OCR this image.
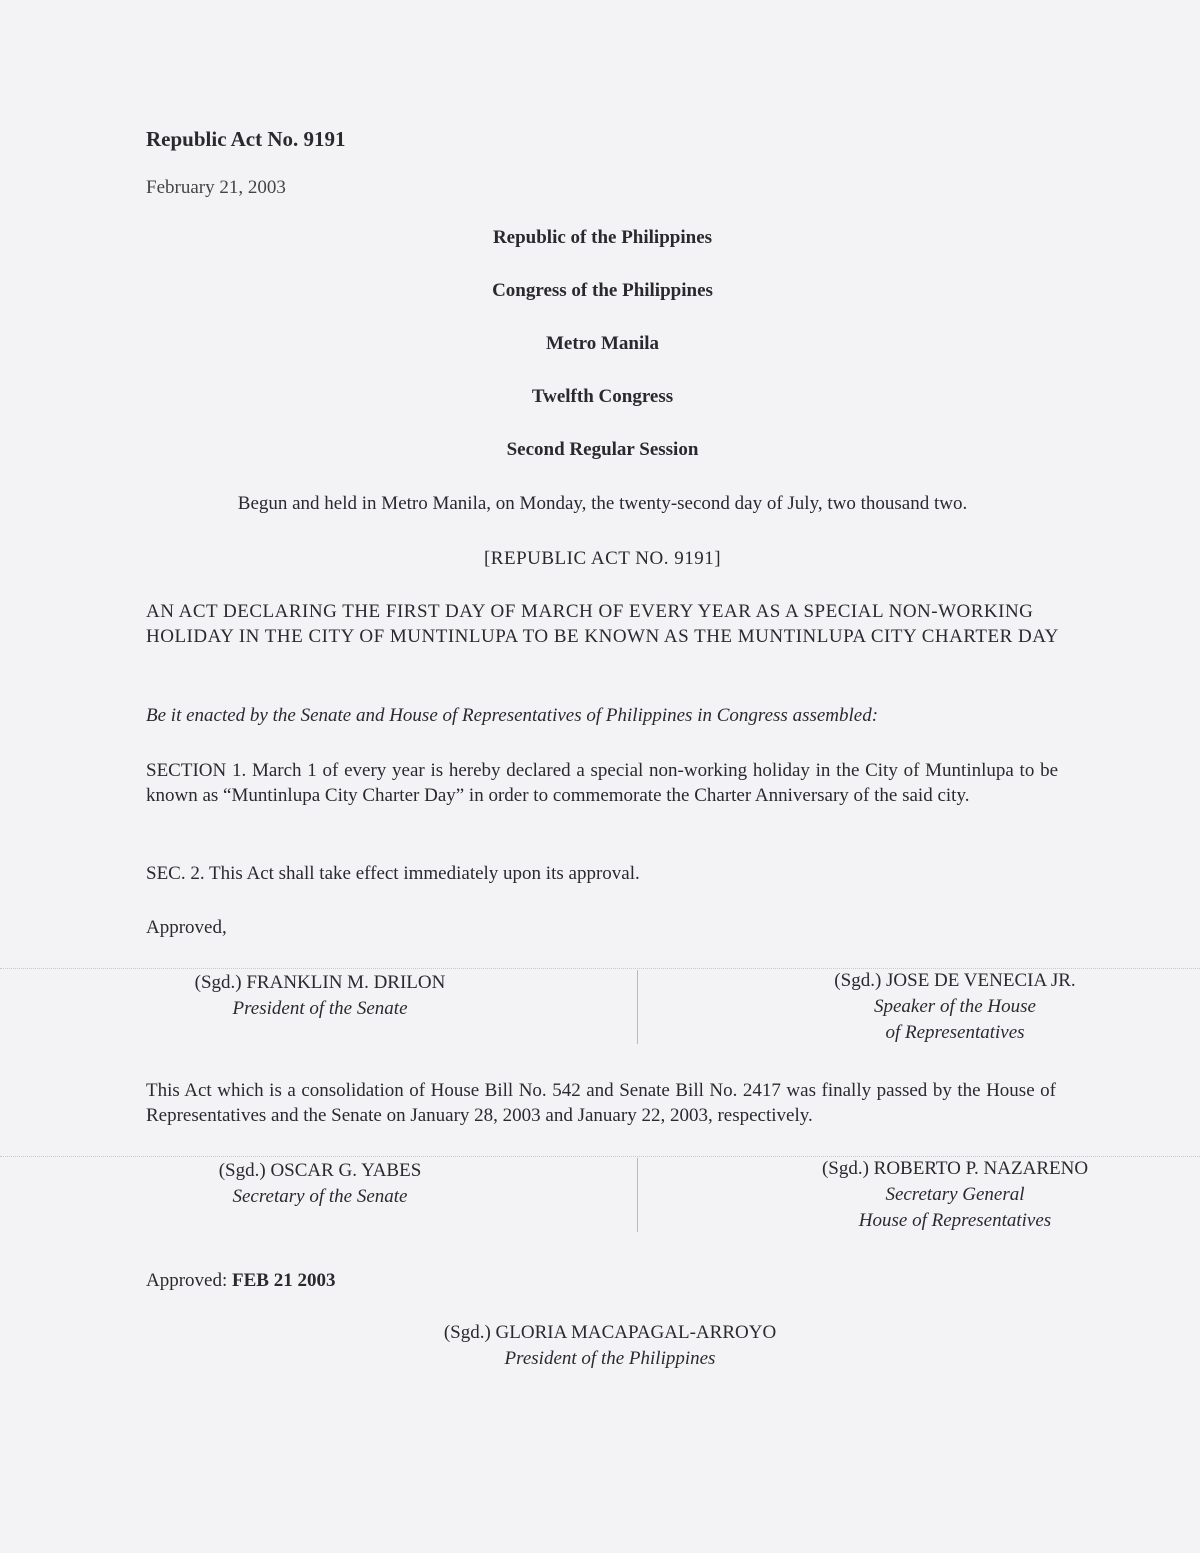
Republic Act No. 9191
February 21, 2003
Republic of the Philippines
Congress of the Philippines
Metro Manila
Twelfth Congress
Second Regular Session
Begun and held in Metro Manila, on Monday, the twenty-second day of July, two thousand two.
[REPUBLIC ACT NO. 9191]
AN ACT DECLARING THE FIRST DAY OF MARCH OF EVERY YEAR AS A SPECIAL NON-WORKING HOLIDAY IN THE CITY OF MUNTINLUPA TO BE KNOWN AS THE MUNTINLUPA CITY CHARTER DAY
Be it enacted by the Senate and House of Representatives of Philippines in Congress assembled:
SECTION 1. March 1 of every year is hereby declared a special non-working holiday in the City of Muntinlupa to be known as “Muntinlupa City Charter Day” in order to commemorate the Charter Anniversary of the said city.
SEC. 2. This Act shall take effect immediately upon its approval.
Approved,
(Sgd.) FRANKLIN M. DRILON
President of the Senate
(Sgd.) JOSE DE VENECIA JR.
Speaker of the House
of Representatives
This Act which is a consolidation of House Bill No. 542 and Senate Bill No. 2417 was finally passed by the House of Representatives and the Senate on January 28, 2003 and January 22, 2003, respectively.
(Sgd.) OSCAR G. YABES
Secretary of the Senate
(Sgd.) ROBERTO P. NAZARENO
Secretary General
House of Representatives
Approved: FEB 21 2003
(Sgd.) GLORIA MACAPAGAL-ARROYO
President of the Philippines
